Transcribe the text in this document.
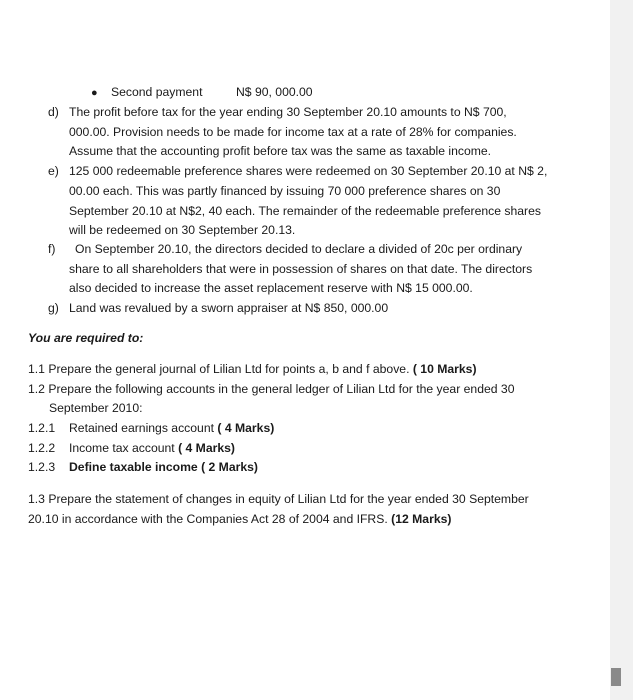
● Second payment	N$ 90, 000.00
d) The profit before tax for the year ending 30 September 20.10 amounts to N$ 700,
000.00. Provision needs to be made for income tax at a rate of 28% for companies.
Assume that the accounting profit before tax was the same as taxable income.
e) 125 000 redeemable preference shares were redeemed on 30 September 20.10 at N$ 2,
00.00 each. This was partly financed by issuing 70 000 preference shares on 30
September 20.10 at N$2, 40 each. The remainder of the redeemable preference shares
will be redeemed on 30 September 20.13.
f) On September 20.10, the directors decided to declare a divided of 20c per ordinary
share to all shareholders that were in possession of shares on that date. The directors
also decided to increase the asset replacement reserve with N$ 15 000.00.
g) Land was revalued by a sworn appraiser at N$ 850, 000.00
You are required to:
1.1 Prepare the general journal of Lilian Ltd for points a, b and f above. ( 10 Marks)
1.2 Prepare the following accounts in the general ledger of Lilian Ltd for the year ended 30
September 2010:
1.2.1 Retained earnings account ( 4 Marks)
1.2.2 Income tax account ( 4 Marks)
1.2.3 Define taxable income ( 2 Marks)
1.3 Prepare the statement of changes in equity of Lilian Ltd for the year ended 30 September
20.10 in accordance with the Companies Act 28 of 2004 and IFRS. (12 Marks)
